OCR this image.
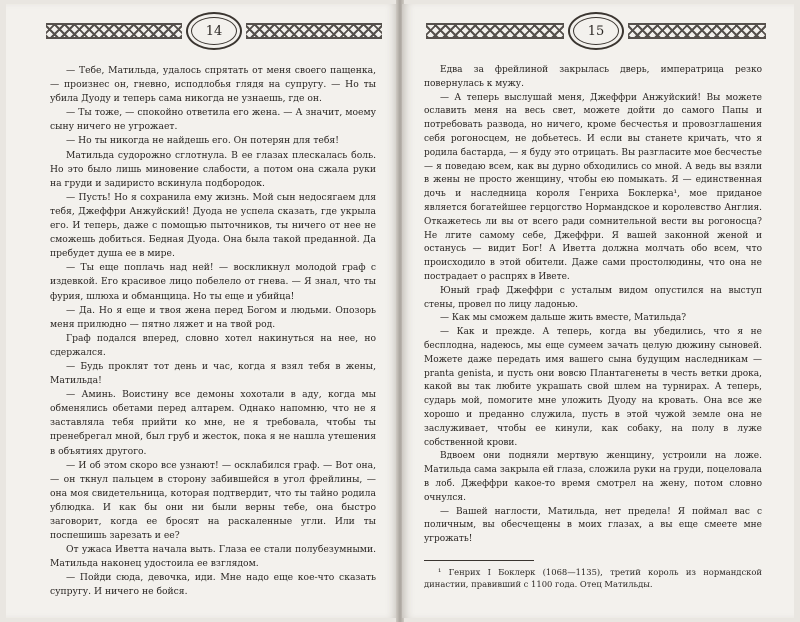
14

— Тебе, Матильда, удалось спрятать от меня своего пащенка, — произнес он, гневно, исподлобья глядя на супругу. — Но ты убила Дуоду и теперь сама никогда не узнаешь, где он.

— Ты тоже, — спокойно ответила его жена. — А значит, моему сыну ничего не угрожает.

— Но ты никогда не найдешь его. Он потерян для тебя!

Матильда судорожно сглотнула. В ее глазах плескалась боль. Но это было лишь миновение слабости, а потом она сжала руки на груди и задиристо вскинула подбородок.

— Пусть! Но я сохранила ему жизнь. Мой сын недосягаем для тебя, Джеффри Анжуйский! Дуода не успела сказать, где укрыла его. И теперь, даже с помощью пыточников, ты ничего от нее не сможешь добиться. Бедная Дуода. Она была такой преданной. Да пребудет душа ее в мире.

— Ты еще поплачь над ней! — воскликнул молодой граф с издевкой. Его красивое лицо побелело от гнева. — Я знал, что ты фурия, шлюха и обманщица. Но ты еще и убийца!

— Да. Но я еще и твоя жена перед Богом и людьми. Опозорь меня прилюдно — пятно ляжет и на твой род.

Граф подался вперед, словно хотел накинуться на нее, но сдержался.

— Будь проклят тот день и час, когда я взял тебя в жены, Матильда!

— Аминь. Воистину все демоны хохотали в аду, когда мы обменялись обетами перед алтарем. Однако напомню, что не я заставляла тебя прийти ко мне, не я требовала, чтобы ты пренебрегал мной, был груб и жесток, пока я не нашла утешения в объятиях другого.

— И об этом скоро все узнают! — осклабился граф. — Вот она, — он ткнул пальцем в сторону забившейся в угол фрейлины, — она моя свидетельница, которая подтвердит, что ты тайно родила ублюдка. И как бы они ни были верны тебе, она быстро заговорит, когда ее бросят на раскаленные угли. Или ты поспешишь зарезать и ее?

От ужаса Иветта начала выть. Глаза ее стали полубезумными. Матильда наконец удостоила ее взглядом.

— Пойди сюда, девочка, иди. Мне надо еще кое-что сказать супругу. И ничего не бойся.

15

Едва за фрейлиной закрылась дверь, императрица резко повернулась к мужу.

— А теперь выслушай меня, Джеффри Анжуйский! Вы можете ославить меня на весь свет, можете дойти до самого Папы и потребовать развода, но ничего, кроме бесчестья и провозглашения себя рогоносцем, не добьетесь. И если вы станете кричать, что я родила бастарда, — я буду это отрицать. Вы разгласите мое бесчестье — я поведаю всем, как вы дурно обходились со мной. А ведь вы взяли в жены не просто женщину, чтобы ею помыкать. Я — единственная дочь и наследница короля Генриха Боклерка¹, мое приданое является богатейшее герцогство Нормандское и королевство Англия. Откажетесь ли вы от всего ради сомнительной вести вы рогоносца? Не лгите самому себе, Джеффри. Я вашей законной женой и останусь — видит Бог! А Иветта должна молчать обо всем, что происходило в этой обители. Даже сами простолюдины, что она не пострадает о распрях в Ивете.

Юный граф Джеффри с усталым видом опустился на выступ стены, провел по лицу ладонью.

— Как мы сможем дальше жить вместе, Матильда?

— Как и прежде. А теперь, когда вы убедились, что я не бесплодна, надеюсь, мы еще сумеем зачать целую дюжину сыновей. Можете даже передать имя вашего сына будущим наследникам — pranta genista, и пусть они вовсю Плантагенеты в честь ветки дрока, какой вы так любите украшать свой шлем на турнирах. А теперь, сударь мой, помогите мне уложить Дуоду на кровать. Она все же хорошо и преданно служила, пусть в этой чужой земле она не заслуживает, чтобы ее кинули, как собаку, на полу в луже собственной крови.

Вдвоем они подняли мертвую женщину, устроили на ложе. Матильда сама закрыла ей глаза, сложила руки на груди, поцеловала в лоб. Джеффри какое-то время смотрел на жену, потом словно очнулся.

— Вашей наглости, Матильда, нет предела! Я поймал вас с поличным, вы обесчещены в моих глазах, а вы еще смеете мне угрожать!

¹ Генрих I Боклерк (1068—1135), третий король из нормандской династии, правивший с 1100 года. Отец Матильды.
